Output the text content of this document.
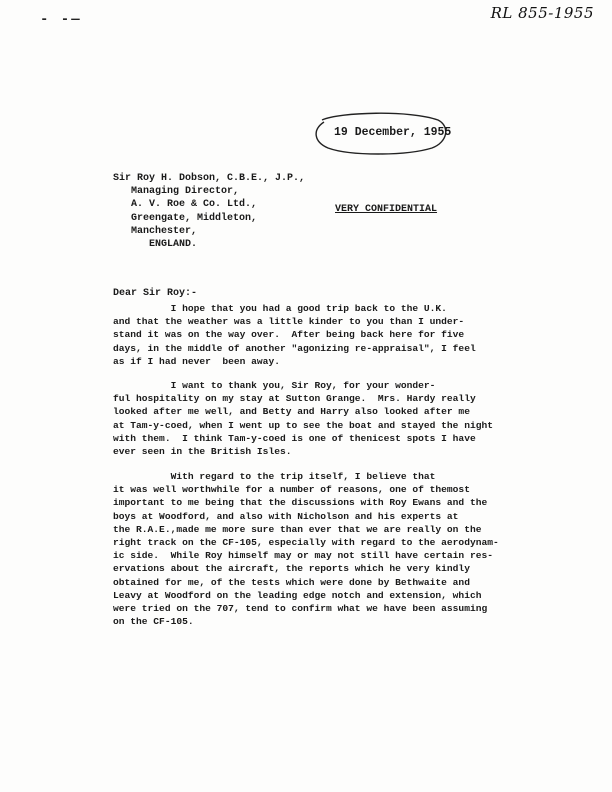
- -—	RL 855-1955
19 December, 1955
Sir Roy H. Dobson, C.B.E., J.P.,
Managing Director,
A. V. Roe & Co. Ltd.,
Greengate, Middleton,
Manchester,
ENGLAND.
VERY CONFIDENTIAL
Dear Sir Roy:-
I hope that you had a good trip back to the U.K.
and that the weather was a little kinder to you than I under-
stand it was on the way over.  After being back here for five
days, in the middle of another "agonizing re-appraisal", I feel
as if I had never  been away.
I want to thank you, Sir Roy, for your wonder-
ful hospitality on my stay at Sutton Grange.  Mrs. Hardy really
looked after me well, and Betty and Harry also looked after me
at Tam-y-coed, when I went up to see the boat and stayed the night
with them.  I think Tam-y-coed is one of thenicest spots I have
ever seen in the British Isles.
With regard to the trip itself, I believe that
it was well worthwhile for a number of reasons, one of themost
important to me being that the discussions with Roy Ewans and the
boys at Woodford, and also with Nicholson and his experts at
the R.A.E.,made me more sure than ever that we are really on the
right track on the CF-105, especially with regard to the aerodynam-
ic side.  While Roy himself may or may not still have certain res-
ervations about the aircraft, the reports which he very kindly
obtained for me, of the tests which were done by Bethwaite and
Leavy at Woodford on the leading edge notch and extension, which
were tried on the 707, tend to confirm what we have been assuming
on the CF-105.
